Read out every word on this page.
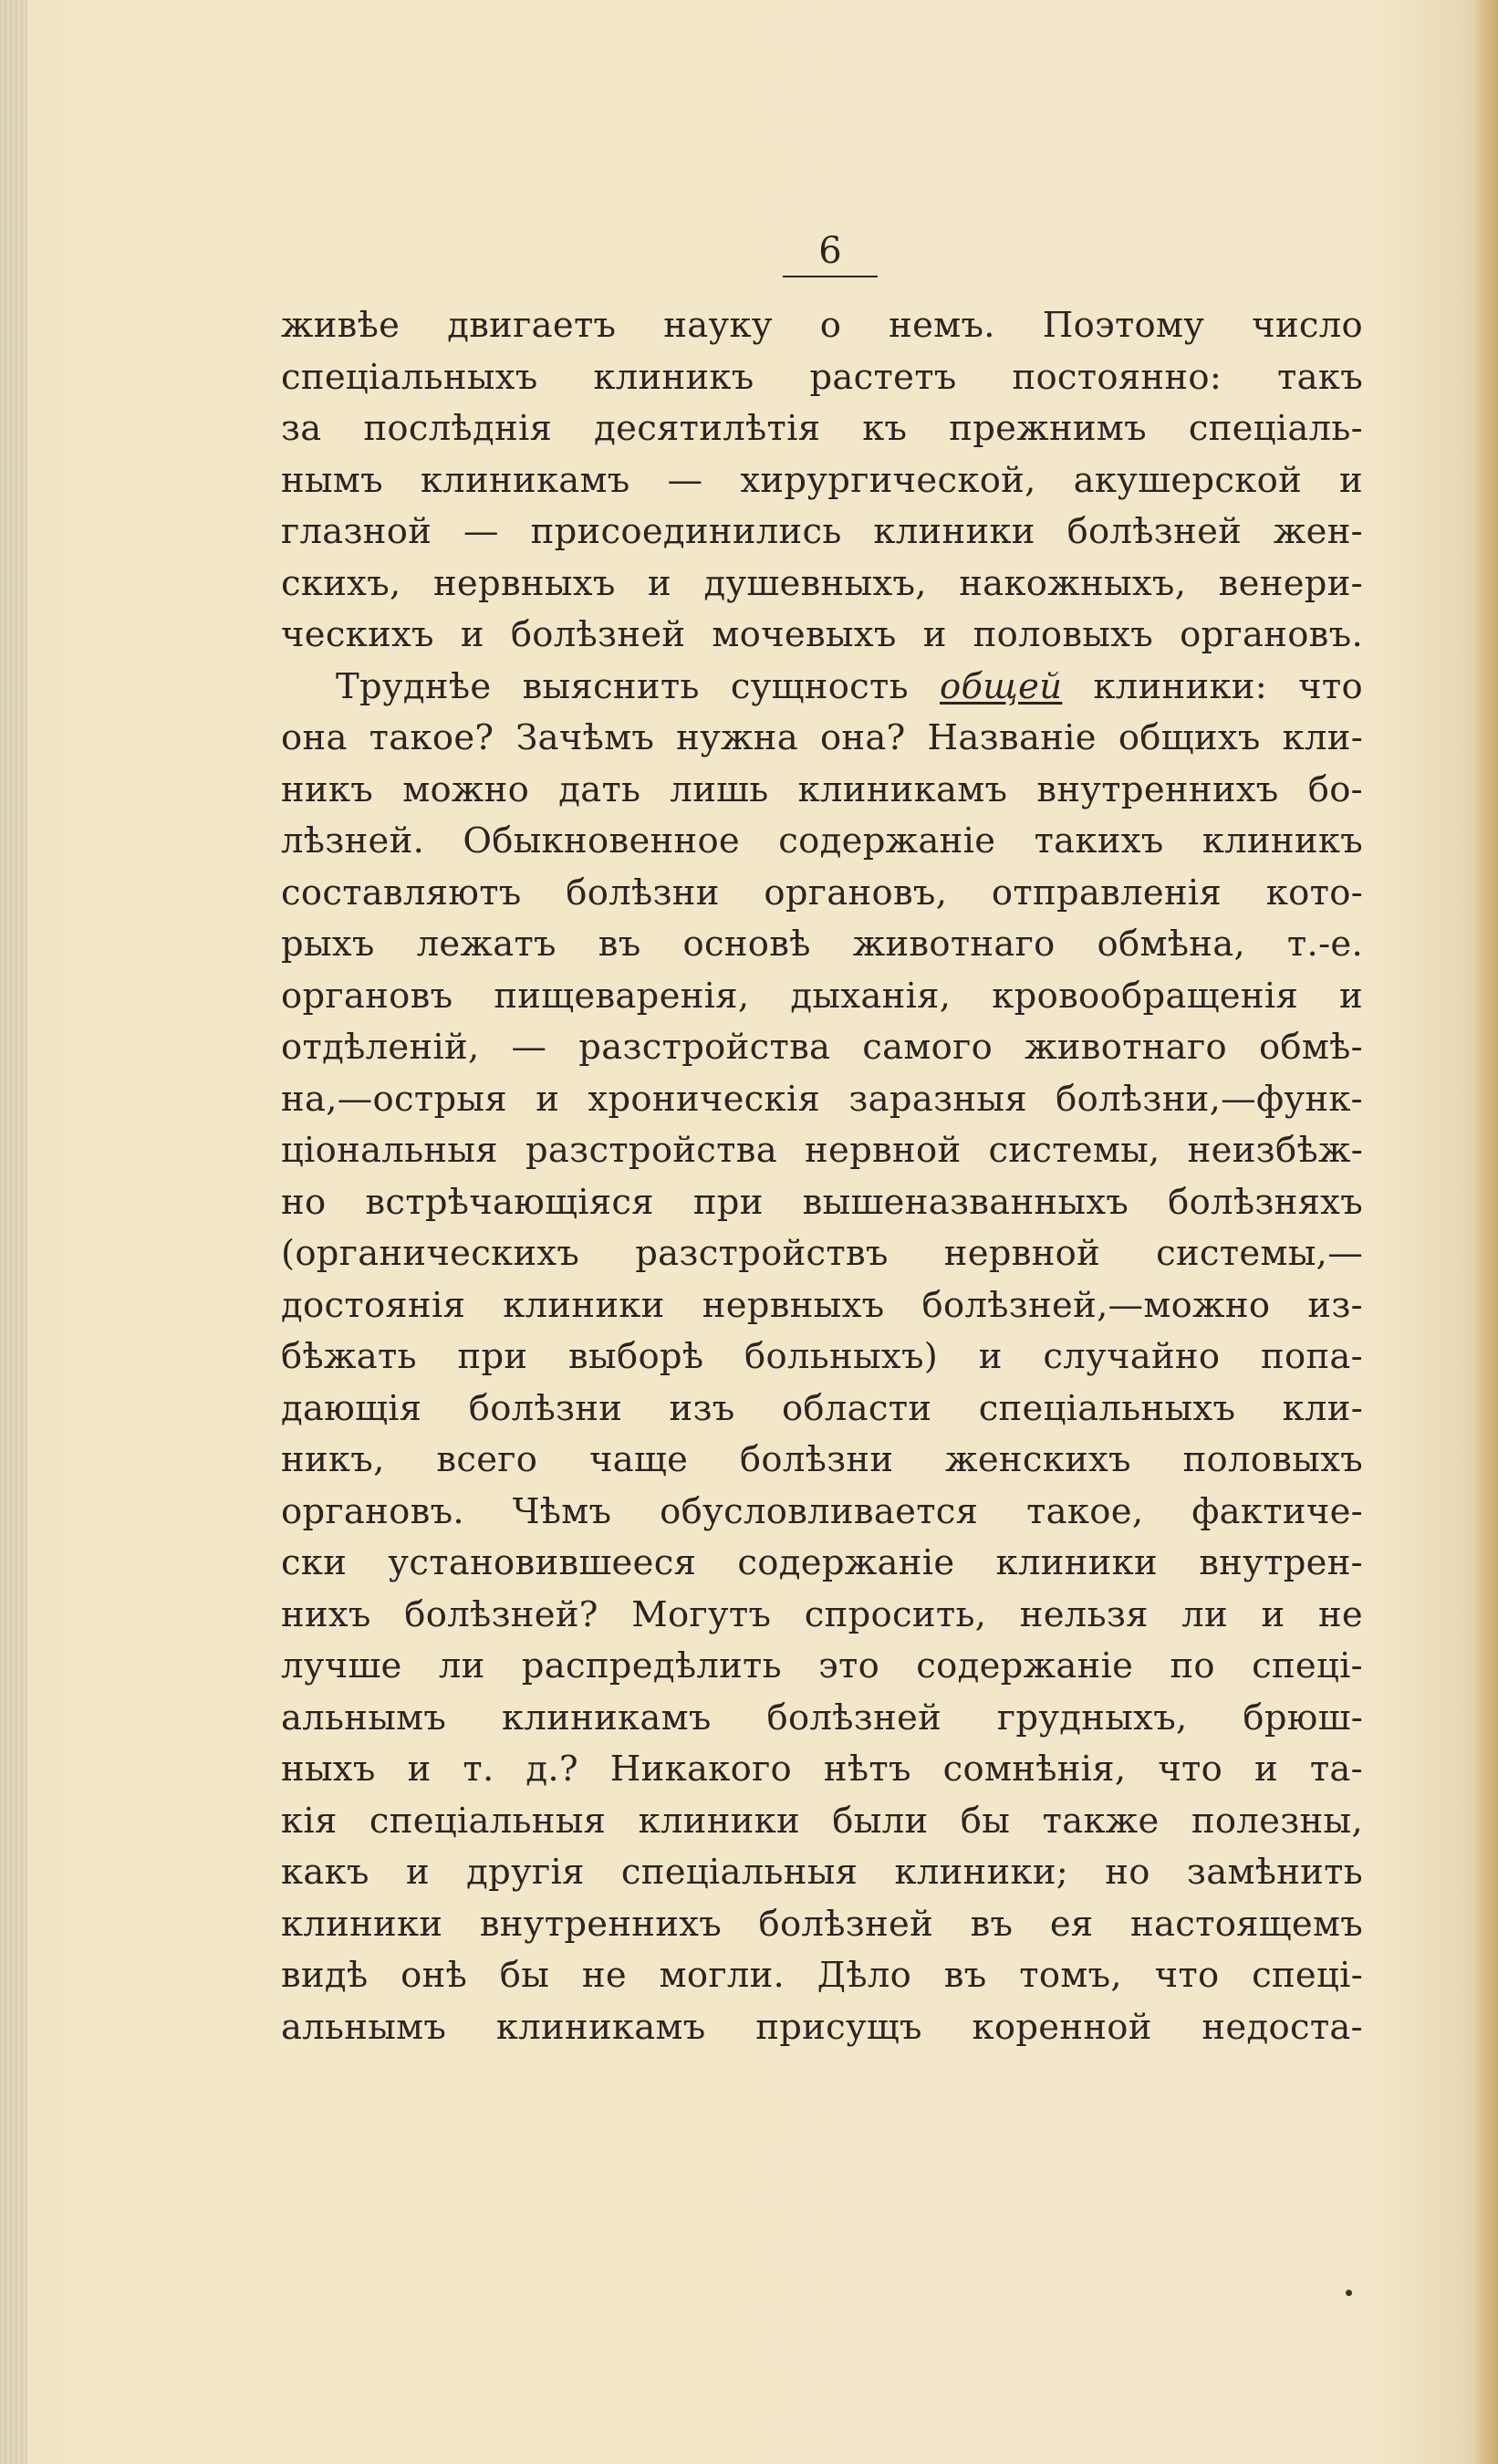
6

живѣе двигаетъ науку о немъ. Поэтому число
спеціальныхъ клиникъ растетъ постоянно: такъ
за послѣднія десятилѣтія къ прежнимъ спеціаль-
нымъ клиникамъ — хирургической, акушерской и
глазной — присоединились клиники болѣзней жен-
скихъ, нервныхъ и душевныхъ, накожныхъ, венери-
ческихъ и болѣзней мочевыхъ и половыхъ органовъ.
Труднѣе выяснить сущность общей клиники: что
она такое? Зачѣмъ нужна она? Названіе общихъ кли-
никъ можно дать лишь клиникамъ внутреннихъ бо-
лѣзней. Обыкновенное содержаніе такихъ клиникъ
составляютъ болѣзни органовъ, отправленія кото-
рыхъ лежатъ въ основѣ животнаго обмѣна, т.-е.
органовъ пищеваренія, дыханія, кровообращенія и
отдѣленій, — разстройства самого животнаго обмѣ-
на,—острыя и хроническія заразныя болѣзни,—функ-
ціональныя разстройства нервной системы, неизбѣж-
но встрѣчающіяся при вышеназванныхъ болѣзняхъ
(органическихъ разстройствъ нервной системы,—
достоянія клиники нервныхъ болѣзней,—можно из-
бѣжать при выборѣ больныхъ) и случайно попа-
дающія болѣзни изъ области спеціальныхъ кли-
никъ, всего чаще болѣзни женскихъ половыхъ
органовъ. Чѣмъ обусловливается такое, фактиче-
ски установившееся содержаніе клиники внутрен-
нихъ болѣзней? Могутъ спросить, нельзя ли и не
лучше ли распредѣлить это содержаніе по спеці-
альнымъ клиникамъ болѣзней грудныхъ, брюш-
ныхъ и т. д.? Никакого нѣтъ сомнѣнія, что и та-
кія спеціальныя клиники были бы также полезны,
какъ и другія спеціальныя клиники; но замѣнить
клиники внутреннихъ болѣзней въ ея настоящемъ
видѣ онѣ бы не могли. Дѣло въ томъ, что спеці-
альнымъ клиникамъ присущъ коренной недоста-
